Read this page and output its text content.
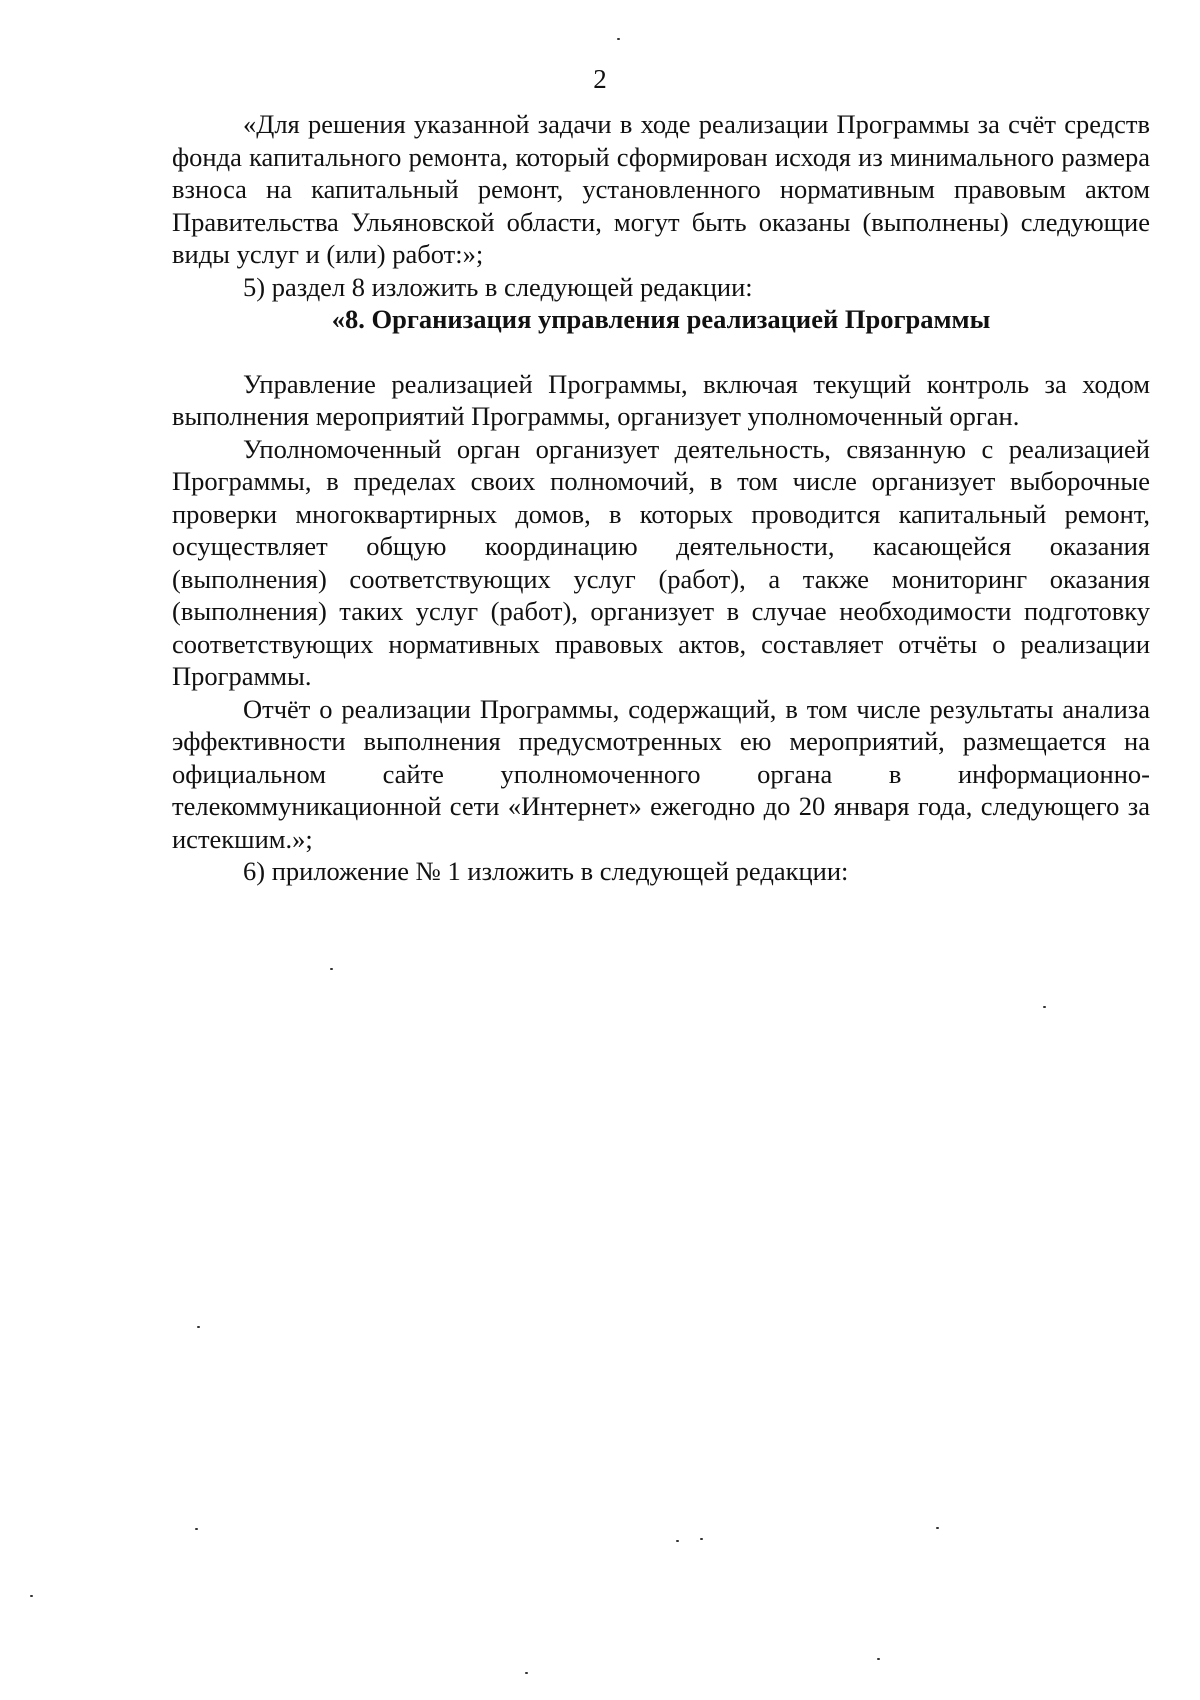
2

«Для решения указанной задачи в ходе реализации Программы за счёт средств фонда капитального ремонта, который сформирован исходя из минимального размера взноса на капитальный ремонт, установленного нормативным правовым актом Правительства Ульяновской области, могут быть оказаны (выполнены) следующие виды услуг и (или) работ:»;

5) раздел 8 изложить в следующей редакции:

«8. Организация управления реализацией Программы

Управление реализацией Программы, включая текущий контроль за ходом выполнения мероприятий Программы, организует уполномоченный орган.

Уполномоченный орган организует деятельность, связанную с реализацией Программы, в пределах своих полномочий, в том числе организует выборочные проверки многоквартирных домов, в которых проводится капитальный ремонт, осуществляет общую координацию деятельности, касающейся оказания (выполнения) соответствующих услуг (работ), а также мониторинг оказания (выполнения) таких услуг (работ), организует в случае необходимости подготовку соответствующих нормативных правовых актов, составляет отчёты о реализации Программы.

Отчёт о реализации Программы, содержащий, в том числе результаты анализа эффективности выполнения предусмотренных ею мероприятий, размещается на официальном сайте уполномоченного органа в информационно-телекоммуникационной сети «Интернет» ежегодно до 20 января года, следующего за истекшим.»;

6) приложение № 1 изложить в следующей редакции:
